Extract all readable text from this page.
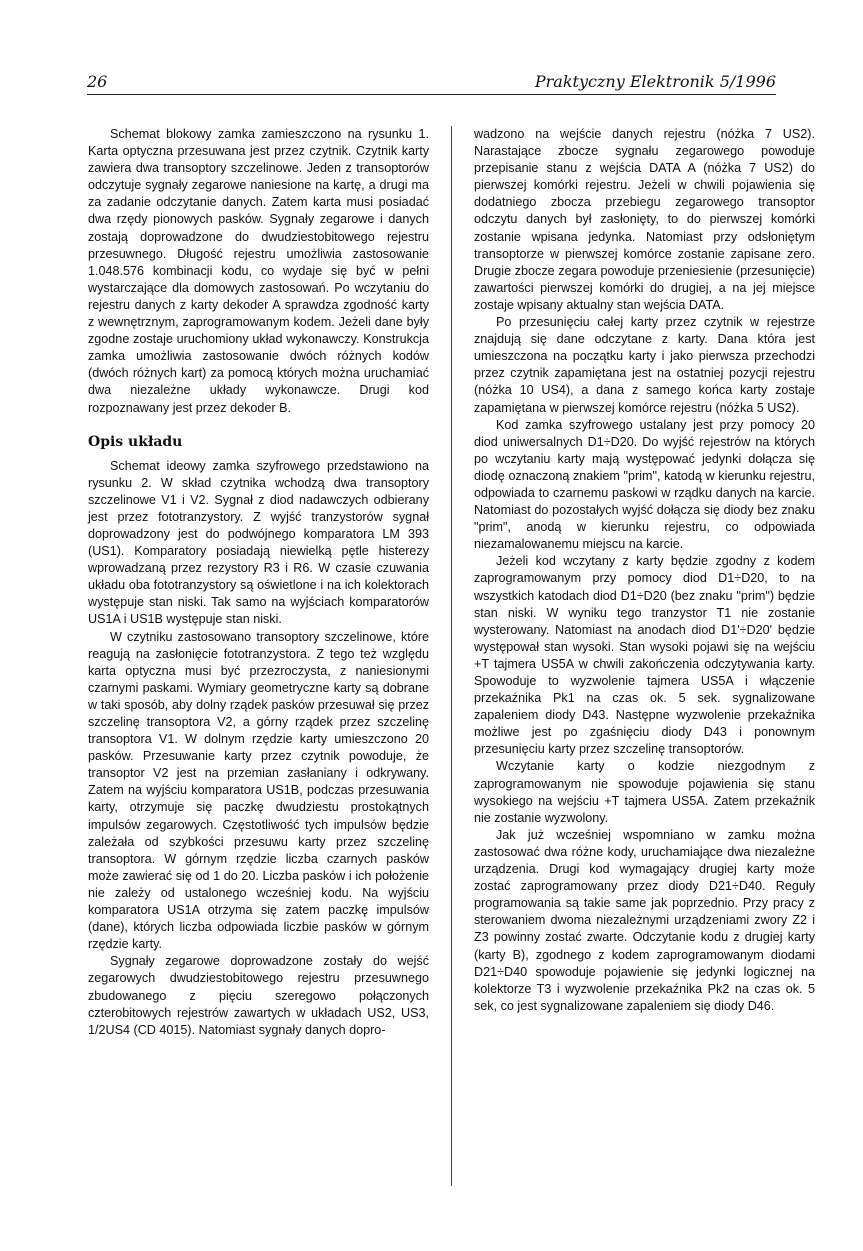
26	Praktyczny Elektronik 5/1996

Schemat blokowy zamka zamieszczono na rysunku 1. Karta optyczna przesuwana jest przez czytnik. Czytnik karty zawiera dwa transoptory szczelinowe. Jeden z transoptorów odczytuje sygnały zegarowe naniesione na kartę, a drugi ma za zadanie odczytanie danych. Zatem karta musi posiadać dwa rzędy pionowych pasków. Sygnały zegarowe i danych zostają doprowadzone do dwudziestobitowego rejestru przesuwnego. Długość rejestru umożliwia zastosowanie 1.048.576 kombinacji kodu, co wydaje się być w pełni wystarczające dla domowych zastosowań. Po wczytaniu do rejestru danych z karty dekoder A sprawdza zgodność karty z wewnętrznym, zaprogramowanym kodem. Jeżeli dane były zgodne zostaje uruchomiony układ wykonawczy. Konstrukcja zamka umożliwia zastosowanie dwóch różnych kodów (dwóch różnych kart) za pomocą których można uruchamiać dwa niezależne układy wykonawcze. Drugi kod rozpoznawany jest przez dekoder B.

Opis układu

Schemat ideowy zamka szyfrowego przedstawiono na rysunku 2. W skład czytnika wchodzą dwa transoptory szczelinowe V1 i V2. Sygnał z diod nadawczych odbierany jest przez fototranzystory. Z wyjść tranzystorów sygnał doprowadzony jest do podwójnego komparatora LM 393 (US1). Komparatory posiadają niewielką pętle histerezy wprowadzaną przez rezystory R3 i R6. W czasie czuwania układu oba fototranzystory są oświetlone i na ich kolektorach występuje stan niski. Tak samo na wyjściach komparatorów US1A i US1B występuje stan niski.

W czytniku zastosowano transoptory szczelinowe, które reagują na zasłonięcie fototranzystora. Z tego też względu karta optyczna musi być przezroczysta, z naniesionymi czarnymi paskami. Wymiary geometryczne karty są dobrane w taki sposób, aby dolny rządek pasków przesuwał się przez szczelinę transoptora V2, a górny rządek przez szczelinę transoptora V1. W dolnym rzędzie karty umieszczono 20 pasków. Przesuwanie karty przez czytnik powoduje, że transoptor V2 jest na przemian zasłaniany i odkrywany. Zatem na wyjściu komparatora US1B, podczas przesuwania karty, otrzymuje się paczkę dwudziestu prostokątnych impulsów zegarowych. Częstotliwość tych impulsów będzie zależała od szybkości przesuwu karty przez szczelinę transoptora. W górnym rzędzie liczba czarnych pasków może zawierać się od 1 do 20. Liczba pasków i ich położenie nie zależy od ustalonego wcześniej kodu. Na wyjściu komparatora US1A otrzyma się zatem paczkę impulsów (dane), których liczba odpowiada liczbie pasków w górnym rzędzie karty.

Sygnały zegarowe doprowadzone zostały do wejść zegarowych dwudziestobitowego rejestru przesuwnego zbudowanego z pięciu szeregowo połączonych czterobitowych rejestrów zawartych w układach US2, US3, 1/2US4 (CD 4015). Natomiast sygnały danych dopro-

wadzono na wejście danych rejestru (nóżka 7 US2). Narastające zbocze sygnału zegarowego powoduje przepisanie stanu z wejścia DATA A (nóżka 7 US2) do pierwszej komórki rejestru. Jeżeli w chwili pojawienia się dodatniego zbocza przebiegu zegarowego transoptor odczytu danych był zasłonięty, to do pierwszej komórki zostanie wpisana jedynka. Natomiast przy odsłoniętym transoptorze w pierwszej komórce zostanie zapisane zero. Drugie zbocze zegara powoduje przeniesienie (przesunięcie) zawartości pierwszej komórki do drugiej, a na jej miejsce zostaje wpisany aktualny stan wejścia DATA.

Po przesunięciu całej karty przez czytnik w rejestrze znajdują się dane odczytane z karty. Dana która jest umieszczona na początku karty i jako pierwsza przechodzi przez czytnik zapamiętana jest na ostatniej pozycji rejestru (nóżka 10 US4), a dana z samego końca karty zostaje zapamiętana w pierwszej komórce rejestru (nóżka 5 US2).

Kod zamka szyfrowego ustalany jest przy pomocy 20 diod uniwersalnych D1÷D20. Do wyjść rejestrów na których po wczytaniu karty mają występować jedynki dołącza się diodę oznaczoną znakiem "prim", katodą w kierunku rejestru, odpowiada to czarnemu paskowi w rządku danych na karcie. Natomiast do pozostałych wyjść dołącza się diody bez znaku "prim", anodą w kierunku rejestru, co odpowiada niezamalowanemu miejscu na karcie.

Jeżeli kod wczytany z karty będzie zgodny z kodem zaprogramowanym przy pomocy diod D1÷D20, to na wszystkich katodach diod D1÷D20 (bez znaku "prim") będzie stan niski. W wyniku tego tranzystor T1 nie zostanie wysterowany. Natomiast na anodach diod D1'÷D20' będzie występował stan wysoki. Stan wysoki pojawi się na wejściu +T tajmera US5A w chwili zakończenia odczytywania karty. Spowoduje to wyzwolenie tajmera US5A i włączenie przekaźnika Pk1 na czas ok. 5 sek. sygnalizowane zapaleniem diody D43. Następne wyzwolenie przekaźnika możliwe jest po zgaśnięciu diody D43 i ponownym przesunięciu karty przez szczelinę transoptorów.

Wczytanie karty o kodzie niezgodnym z zaprogramowanym nie spowoduje pojawienia się stanu wysokiego na wejściu +T tajmera US5A. Zatem przekaźnik nie zostanie wyzwolony.

Jak już wcześniej wspomniano w zamku można zastosować dwa różne kody, uruchamiające dwa niezależne urządzenia. Drugi kod wymagający drugiej karty może zostać zaprogramowany przez diody D21÷D40. Reguły programowania są takie same jak poprzednio. Przy pracy z sterowaniem dwoma niezależnymi urządzeniami zwory Z2 i Z3 powinny zostać zwarte. Odczytanie kodu z drugiej karty (karty B), zgodnego z kodem zaprogramowanym diodami D21÷D40 spowoduje pojawienie się jedynki logicznej na kolektorze T3 i wyzwolenie przekaźnika Pk2 na czas ok. 5 sek, co jest sygnalizowane zapaleniem się diody D46.
